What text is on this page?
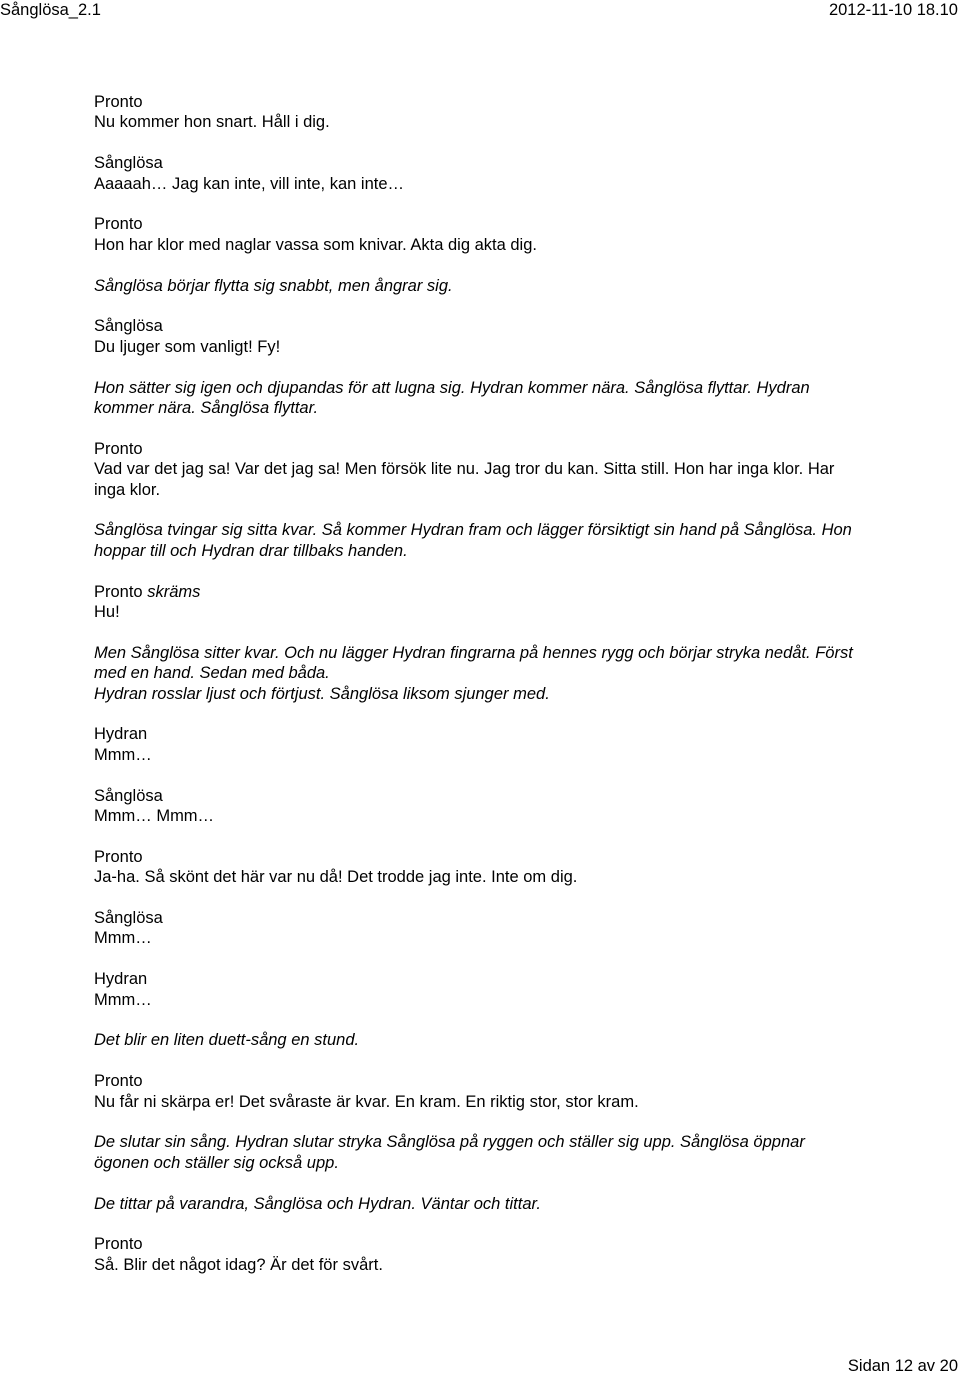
Sånglösa_2.1	2012-11-10 18.10
Pronto
Nu kommer hon snart. Håll i dig.
Sånglösa
Aaaaah… Jag kan inte, vill inte, kan inte…
Pronto
Hon har klor med naglar vassa som knivar. Akta dig akta dig.
Sånglösa börjar flytta sig snabbt, men ångrar sig.
Sånglösa
Du ljuger som vanligt! Fy!
Hon sätter sig igen och djupandas för att lugna sig. Hydran kommer nära. Sånglösa flyttar. Hydran kommer nära. Sånglösa flyttar.
Pronto
Vad var det jag sa! Var det jag sa! Men försök lite nu. Jag tror du kan. Sitta still. Hon har inga klor. Har inga klor.
Sånglösa tvingar sig sitta kvar. Så kommer Hydran fram och lägger försiktigt sin hand på Sånglösa. Hon hoppar till och Hydran drar tillbaks handen.
Pronto skräms
Hu!
Men Sånglösa sitter kvar. Och nu lägger Hydran fingrarna på hennes rygg och börjar stryka nedåt. Först med en hand. Sedan med båda.
Hydran rosslar ljust och förtjust. Sånglösa liksom sjunger med.
Hydran
Mmm…
Sånglösa
Mmm… Mmm…
Pronto
Ja-ha. Så skönt det här var nu då! Det trodde jag inte. Inte om dig.
Sånglösa
Mmm…
Hydran
Mmm…
Det blir en liten duett-sång en stund.
Pronto
Nu får ni skärpa er! Det svåraste är kvar. En kram. En riktig stor, stor kram.
De slutar sin sång. Hydran slutar stryka Sånglösa på ryggen och ställer sig upp. Sånglösa öppnar ögonen och ställer sig också upp.
De tittar på varandra, Sånglösa och Hydran. Väntar och tittar.
Pronto
Så. Blir det något idag? Är det för svårt.
Sidan 12 av 20
